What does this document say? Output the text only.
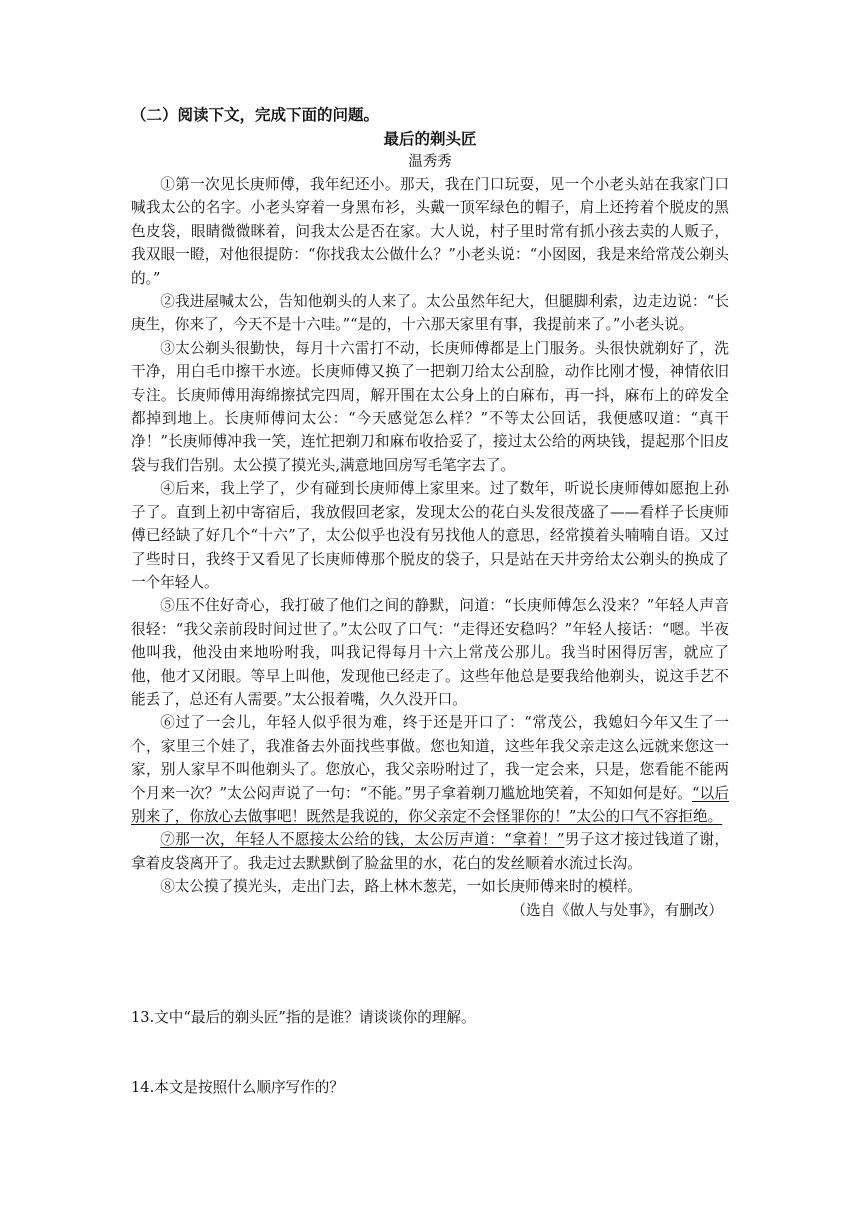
（二）阅读下文，完成下面的问题。

最后的剃头匠

温秀秀

①第一次见长庚师傅，我年纪还小。那天，我在门口玩耍，见一个小老头站在我家门口喊我太公的名字。小老头穿着一身黑布衫，头戴一顶军绿色的帽子，肩上还挎着个脱皮的黑色皮袋，眼睛微微眯着，问我太公是否在家。大人说，村子里时常有抓小孩去卖的人贩子，我双眼一瞪，对他很提防：“你找我太公做什么？”小老头说：“小囡囡，我是来给常茂公剃头的。”

②我进屋喊太公，告知他剃头的人来了。太公虽然年纪大，但腿脚利索，边走边说：“长庚生，你来了，今天不是十六哇。”“是的，十六那天家里有事，我提前来了。”小老头说。

③太公剃头很勤快，每月十六雷打不动，长庚师傅都是上门服务。头很快就剃好了，洗干净，用白毛巾擦干水迹。长庚师傅又换了一把剃刀给太公刮脸，动作比刚才慢，神情依旧专注。长庚师傅用海绵擦拭完四周，解开围在太公身上的白麻布，再一抖，麻布上的碎发全都掉到地上。长庚师傅问太公：“今天感觉怎么样？”不等太公回话，我便感叹道：“真干净！”长庚师傅冲我一笑，连忙把剃刀和麻布收拾妥了，接过太公给的两块钱，提起那个旧皮袋与我们告别。太公摸了摸光头,满意地回房写毛笔字去了。

④后来，我上学了，少有碰到长庚师傅上家里来。过了数年，听说长庚师傅如愿抱上孙子了。直到上初中寄宿后，我放假回老家，发现太公的花白头发很茂盛了——看样子长庚师傅已经缺了好几个“十六”了，太公似乎也没有另找他人的意思，经常摸着头喃喃自语。又过了些时日，我终于又看见了长庚师傅那个脱皮的袋子，只是站在天井旁给太公剃头的换成了一个年轻人。

⑤压不住好奇心，我打破了他们之间的静默，问道：“长庚师傅怎么没来？”年轻人声音很轻：“我父亲前段时间过世了。”太公叹了口气：“走得还安稳吗？”年轻人接话：“嗯。半夜他叫我，他没由来地吩咐我，叫我记得每月十六上常茂公那儿。我当时困得厉害，就应了他，他才又闭眼。等早上叫他，发现他已经走了。这些年他总是要我给他剃头，说这手艺不能丢了，总还有人需要。”太公报着嘴，久久没开口。

⑥过了一会儿，年轻人似乎很为难，终于还是开口了：“常茂公，我媳妇今年又生了一个，家里三个娃了，我准备去外面找些事做。您也知道，这些年我父亲走这么远就来您这一家，别人家早不叫他剃头了。您放心，我父亲吩咐过了，我一定会来，只是，您看能不能两个月来一次？”太公闷声说了一句：“不能。”男子拿着剃刀尴尬地笑着，不知如何是好。“以后别来了，你放心去做事吧！既然是我说的，你父亲定不会怪罪你的！”太公的口气不容拒绝。

⑦那一次，年轻人不愿接太公给的钱，太公厉声道：“拿着！”男子这才接过钱道了谢，拿着皮袋离开了。我走过去默默倒了脸盆里的水，花白的发丝顺着水流过长沟。

⑧太公摸了摸光头，走出门去，路上林木葱芜，一如长庚师傅来时的模样。

（选自《做人与处事》，有删改）

13.文中“最后的剃头匠”指的是谁？请谈谈你的理解。

14.本文是按照什么顺序写作的？
